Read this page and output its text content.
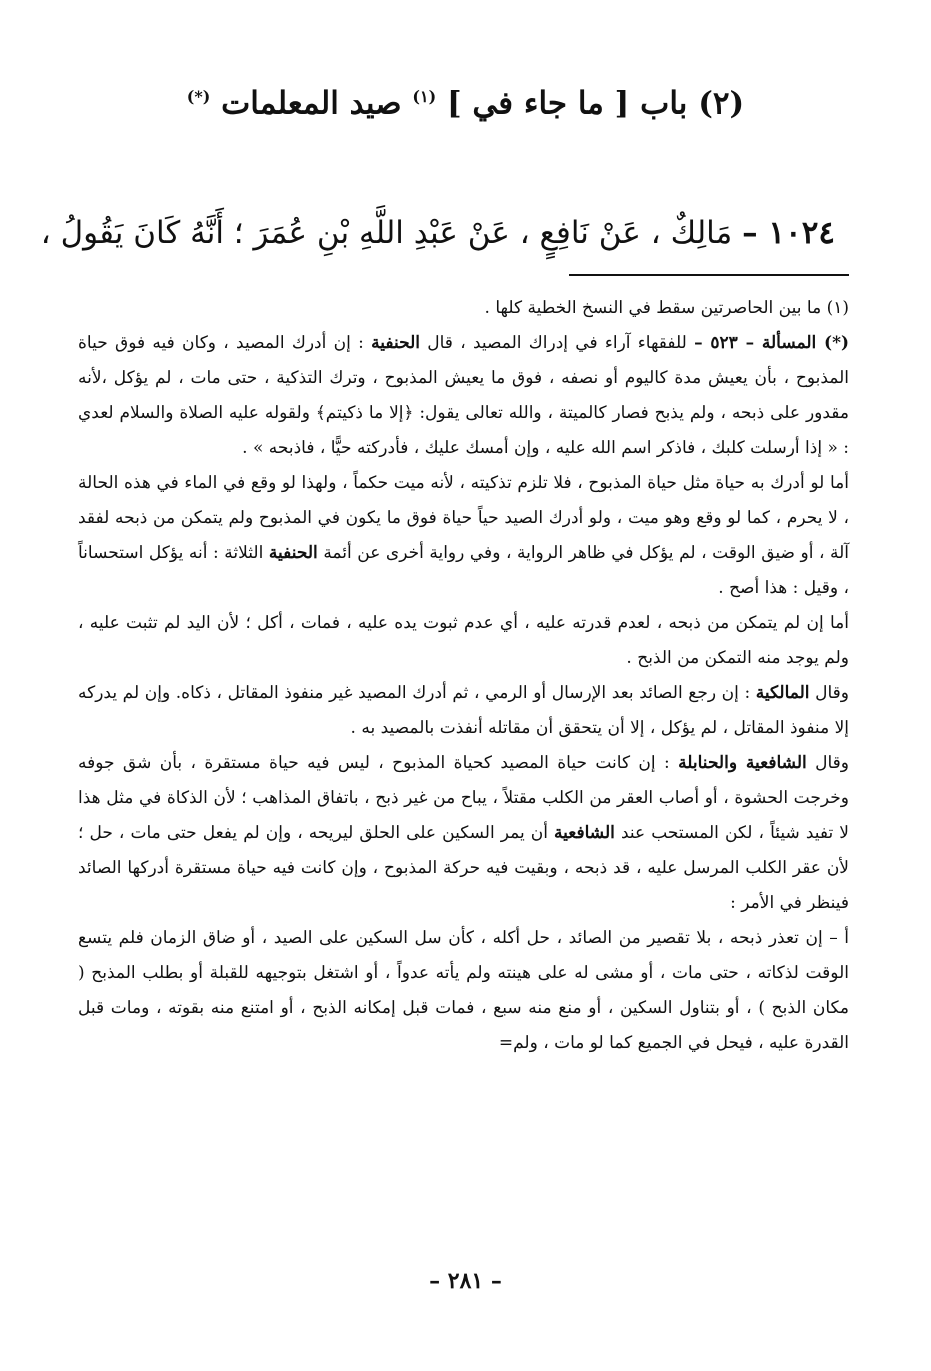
(٢) باب [ ما جاء في ] $^{(١)}$ صيد المعلمات (*)
١٠٢٤ – مَالِكٌ ، عَنْ نَافِعٍ ، عَنْ عَبْدِ اللَّهِ بْنِ عُمَرَ ؛ أَنَّهُ كَانَ يَقُولُ ،

(١) ما بين الحاصرتين سقط في النسخ الخطية كلها .

(*) المسألة – ٥٢٣ – للفقهاء آراء في إدراك المصيد ، قال الحنفية : إن أدرك المصيد ، وكان فيه فوق حياة المذبوح ، بأن يعيش مدة كاليوم أو نصفه ، فوق ما يعيش المذبوح ، وترك التذكية ، حتى مات ، لم يؤكل ،لأنه مقدور على ذبحه ، ولم يذبح فصار كالميتة ، والله تعالى يقول: ﴿إلا ما ذكيتم﴾ ولقوله عليه الصلاة والسلام لعدي : « إذا أرسلت كلبك ، فاذكر اسم الله عليه ، وإن أمسك عليك ، فأدركته حيًّا ، فاذبحه » .

أما لو أدرك به حياة مثل حياة المذبوح ، فلا تلزم تذكيته ، لأنه ميت حكماً ، ولهذا لو وقع في الماء في هذه الحالة ، لا يحرم ، كما لو وقع وهو ميت ، ولو أدرك الصيد حياً حياة فوق ما يكون في المذبوح ولم يتمكن من ذبحه لفقد آلة ، أو ضيق الوقت ، لم يؤكل في ظاهر الرواية ، وفي رواية أخرى عن أئمة الحنفية الثلاثة : أنه يؤكل استحساناً ، وقيل : هذا أصح .

أما إن لم يتمكن من ذبحه ، لعدم قدرته عليه ، أي عدم ثبوت يده عليه ، فمات ، أكل ؛ لأن اليد لم تثبت عليه ، ولم يوجد منه التمكن من الذبح .

وقال المالكية : إن رجع الصائد بعد الإرسال أو الرمي ، ثم أدرك المصيد غير منفوذ المقاتل ، ذكاه. وإن لم يدركه إلا منفوذ المقاتل ، لم يؤكل ، إلا أن يتحقق أن مقاتله أنفذت بالمصيد به .

وقال الشافعية والحنابلة : إن كانت حياة المصيد كحياة المذبوح ، ليس فيه حياة مستقرة ، بأن شق جوفه وخرجت الحشوة ، أو أصاب العقر من الكلب مقتلاً ، يباح من غير ذبح ، باتفاق المذاهب ؛ لأن الذكاة في مثل هذا لا تفيد شيئاً ، لكن المستحب عند الشافعية أن يمر السكين على الحلق ليريحه ، وإن لم يفعل حتى مات ، حل ؛ لأن عقر الكلب المرسل عليه ، قد ذبحه ، وبقيت فيه حركة المذبوح ، وإن كانت فيه حياة مستقرة أدركها الصائد فينظر في الأمر :

أ – إن تعذر ذبحه ، بلا تقصير من الصائد ، حل أكله ، كأن سل السكين على الصيد ، أو ضاق الزمان فلم يتسع الوقت لذكاته ، حتى مات ، أو مشى له على هينته ولم يأته عدواً ، أو اشتغل بتوجيهه للقبلة أو بطلب المذبح ( مكان الذبح ) ، أو بتناول السكين ، أو منع منه سبع ، فمات قبل إمكانه الذبح ، أو امتنع منه بقوته ، ومات قبل القدرة عليه ، فيحل في الجميع كما لو مات ، ولم=

– ٢٨١ –
